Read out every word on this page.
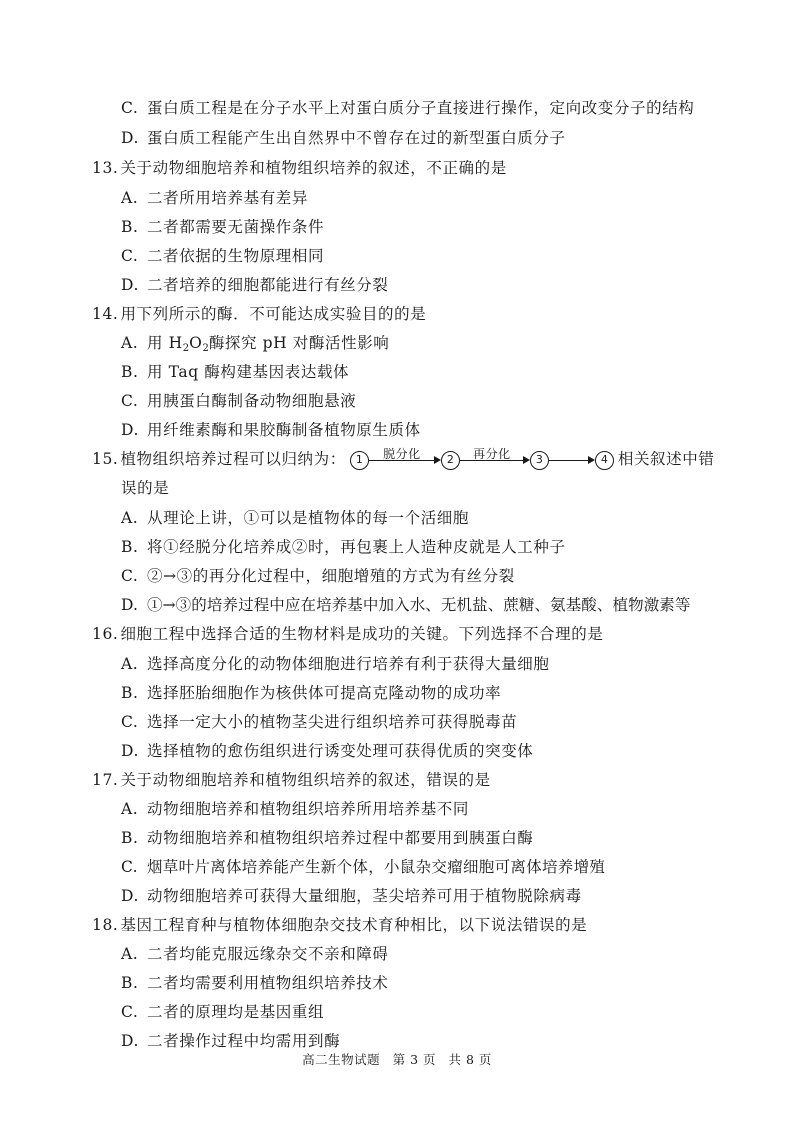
C. 蛋白质工程是在分子水平上对蛋白质分子直接进行操作，定向改变分子的结构
D. 蛋白质工程能产生出自然界中不曾存在过的新型蛋白质分子
13. 关于动物细胞培养和植物组织培养的叙述，不正确的是
A. 二者所用培养基有差异
B. 二者都需要无菌操作条件
C. 二者依据的生物原理相同
D. 二者培养的细胞都能进行有丝分裂
14. 用下列所示的酶．不可能达成实验目的的是
A. 用 $H_2O_2$酶探究 pH 对酶活性影响
B. 用 Taq 酶构建基因表达载体
C. 用胰蛋白酶制备动物细胞悬液
D. 用纤维素酶和果胶酶制备植物原生质体
15. 植物组织培养过程可以归纳为： 1	脱分化	2	再分化	3	4 相关叙述中错
误的是
A. 从理论上讲，①可以是植物体的每一个活细胞
B. 将①经脱分化培养成②时，再包裹上人造种皮就是人工种子
C. ②→③的再分化过程中，细胞增殖的方式为有丝分裂
D. ①→③的培养过程中应在培养基中加入水、无机盐、蔗糖、氨基酸、植物激素等
16. 细胞工程中选择合适的生物材料是成功的关键。下列选择不合理的是
A. 选择高度分化的动物体细胞进行培养有利于获得大量细胞
B. 选择胚胎细胞作为核供体可提高克隆动物的成功率
C. 选择一定大小的植物茎尖进行组织培养可获得脱毒苗
D. 选择植物的愈伤组织进行诱变处理可获得优质的突变体
17. 关于动物细胞培养和植物组织培养的叙述，错误的是
A. 动物细胞培养和植物组织培养所用培养基不同
B. 动物细胞培养和植物组织培养过程中都要用到胰蛋白酶
C. 烟草叶片离体培养能产生新个体，小鼠杂交瘤细胞可离体培养增殖
D. 动物细胞培养可获得大量细胞，茎尖培养可用于植物脱除病毒
18. 基因工程育种与植物体细胞杂交技术育种相比，以下说法错误的是
A. 二者均能克服远缘杂交不亲和障碍
B. 二者均需要利用植物组织培养技术
C. 二者的原理均是基因重组
D. 二者操作过程中均需用到酶
高二生物试题 第 3 页 共 8 页
